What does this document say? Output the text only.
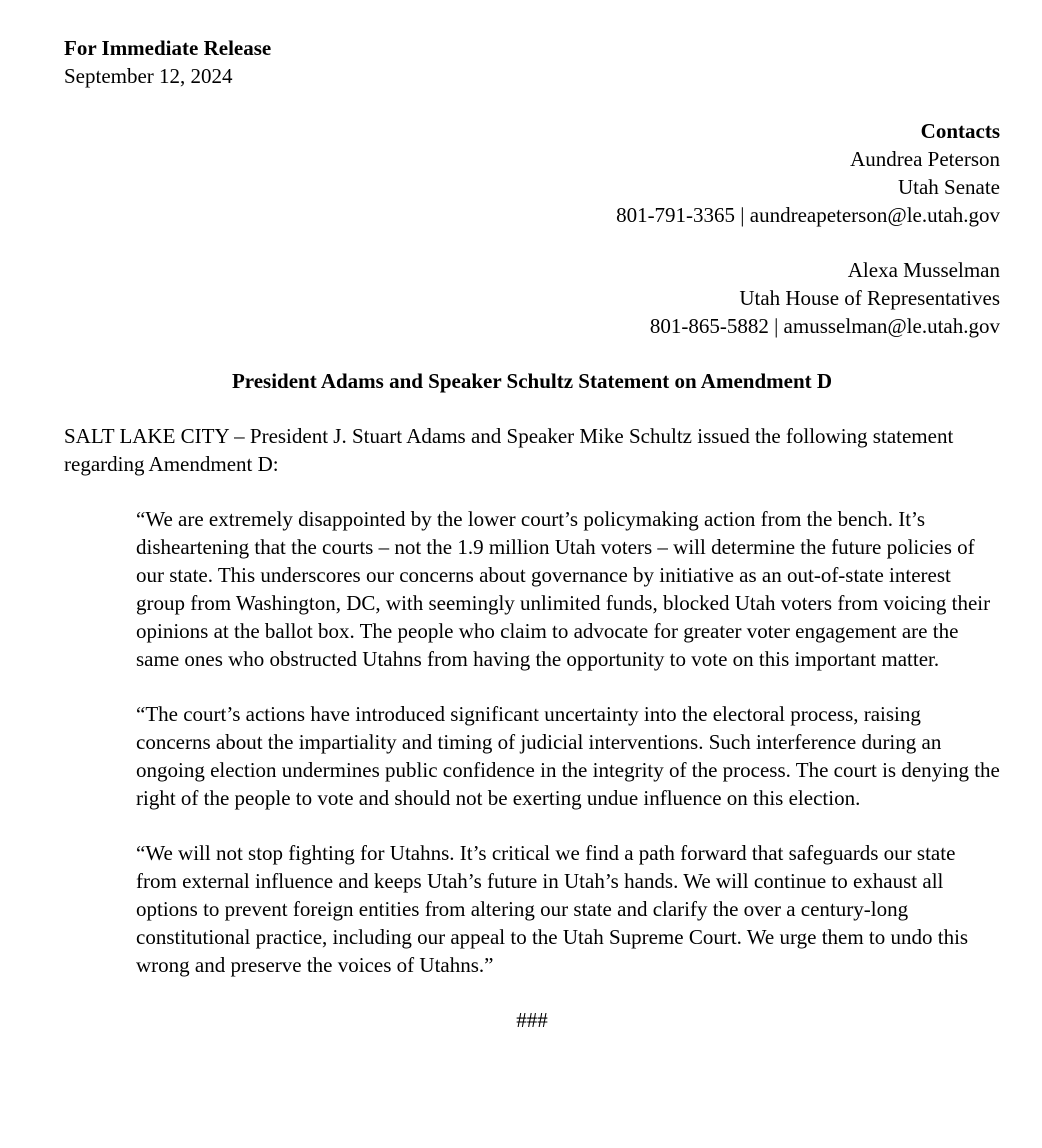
For Immediate Release
September 12, 2024
Contacts
Aundrea Peterson
Utah Senate
801-791-3365 | aundreapeterson@le.utah.gov
Alexa Musselman
Utah House of Representatives
801-865-5882 | amusselman@le.utah.gov
President Adams and Speaker Schultz Statement on Amendment D
SALT LAKE CITY – President J. Stuart Adams and Speaker Mike Schultz issued the following statement regarding Amendment D:
“We are extremely disappointed by the lower court’s policymaking action from the bench. It’s disheartening that the courts – not the 1.9 million Utah voters – will determine the future policies of our state. This underscores our concerns about governance by initiative as an out-of-state interest group from Washington, DC, with seemingly unlimited funds, blocked Utah voters from voicing their opinions at the ballot box. The people who claim to advocate for greater voter engagement are the same ones who obstructed Utahns from having the opportunity to vote on this important matter.
“The court’s actions have introduced significant uncertainty into the electoral process, raising concerns about the impartiality and timing of judicial interventions. Such interference during an ongoing election undermines public confidence in the integrity of the process. The court is denying the right of the people to vote and should not be exerting undue influence on this election.
“We will not stop fighting for Utahns. It’s critical we find a path forward that safeguards our state from external influence and keeps Utah’s future in Utah’s hands. We will continue to exhaust all options to prevent foreign entities from altering our state and clarify the over a century-long constitutional practice, including our appeal to the Utah Supreme Court. We urge them to undo this wrong and preserve the voices of Utahns.”
###
